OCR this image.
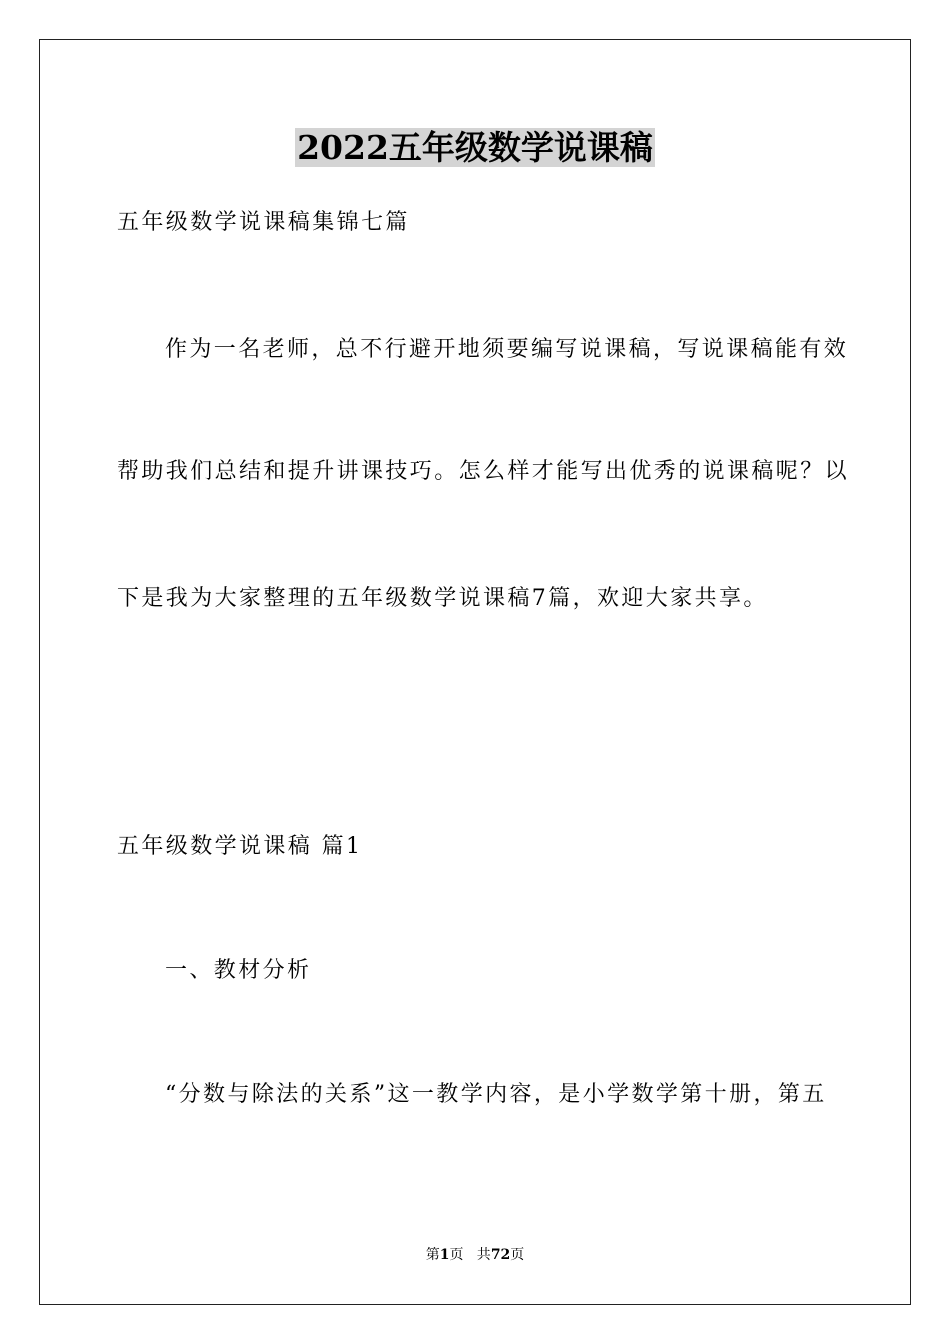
2022五年级数学说课稿
五年级数学说课稿集锦七篇
作为一名老师，总不行避开地须要编写说课稿，写说课稿能有效
帮助我们总结和提升讲课技巧。怎么样才能写出优秀的说课稿呢？以
下是我为大家整理的五年级数学说课稿7篇，欢迎大家共享。
五年级数学说课稿 篇1
一、教材分析
“分数与除法的关系”这一教学内容，是小学数学第十册，第五
第1页   共72页
